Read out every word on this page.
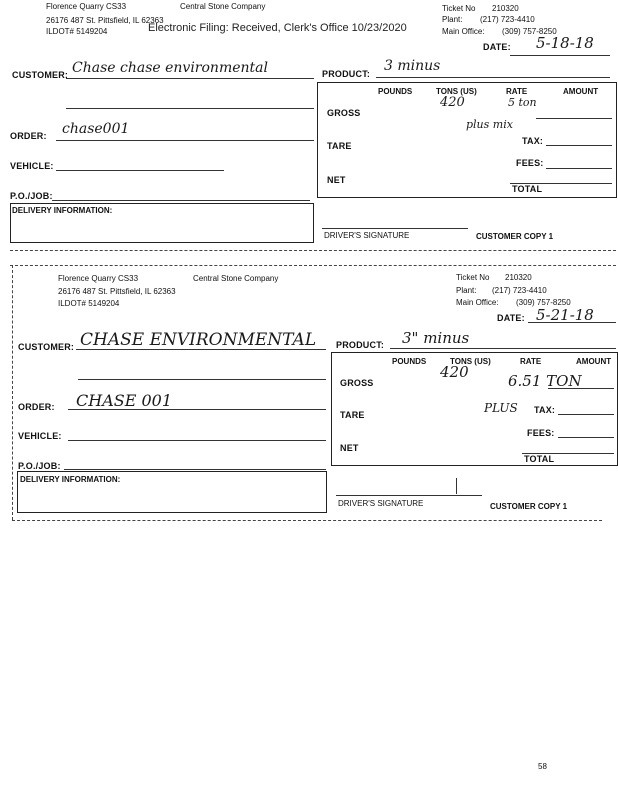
Electronic Filing: Received, Clerk's Office 10/23/2020
Florence Quarry CS33
26176 487 St. Pittsfield, IL 62363
ILDOT# 5149204
Central Stone Company	Ticket No 210320
Plant: (217) 723-4410
Main Office: (309) 757-8250
DATE: 5-18-18
CUSTOMER: Chase chase environmental	PRODUCT: 3 minus
POUNDS	TONS (US)	RATE	AMOUNT
GROSS
420	5 ton
plus mix
TARE	TAX:
FEES:
NET
TOTAL
ORDER: chase001
VEHICLE:
P.O./JOB:
DELIVERY INFORMATION:
DRIVER'S SIGNATURE	CUSTOMER COPY 1
Florence Quarry CS33
26176 487 St. Pittsfield, IL 62363
ILDOT# 5149204
Central Stone Company	Ticket No 210320
Plant: (217) 723-4410
Main Office: (309) 757-8250
DATE: 5-21-18
CUSTOMER: CHASE ENVIRONMENTAL PRODUCT: 3" minus
POUNDS	TONS (US)	RATE	AMOUNT
GROSS
420	6.51 TON
PLUS
TARE	TAX:
FEES:
NET
TOTAL
ORDER: CHASE 001
VEHICLE:
P.O./JOB:
DELIVERY INFORMATION:
DRIVER'S SIGNATURE	CUSTOMER COPY 1
58
